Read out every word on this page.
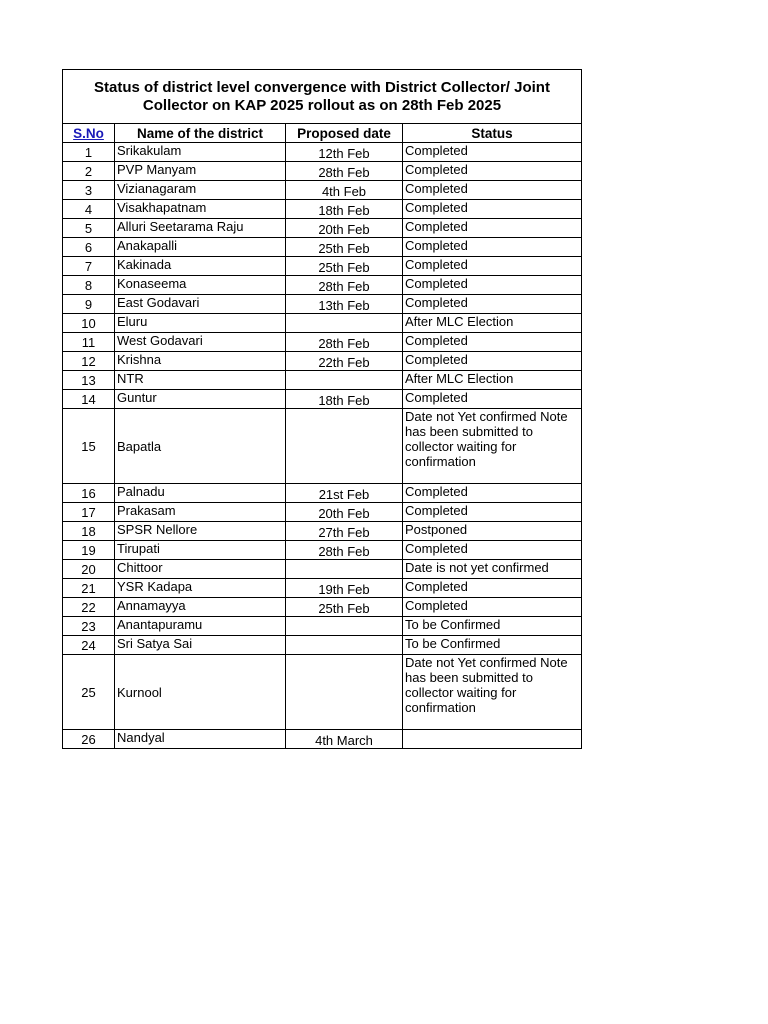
Status of district level convergence with District Collector/ Joint Collector on KAP 2025 rollout as on 28th Feb 2025			
S.No	Name of the district	Proposed date	Status
1	Srikakulam	12th Feb	Completed
2	PVP Manyam	28th Feb	Completed
3	Vizianagaram	4th Feb	Completed
4	Visakhapatnam	18th Feb	Completed
5	Alluri Seetarama Raju	20th Feb	Completed
6	Anakapalli	25th Feb	Completed
7	Kakinada	25th Feb	Completed
8	Konaseema	28th Feb	Completed
9	East Godavari	13th Feb	Completed
10	Eluru		After MLC Election
11	West Godavari	28th Feb	Completed
12	Krishna	22th Feb	Completed
13	NTR		After MLC Election
14	Guntur	18th Feb	Completed
15	Bapatla		Date not Yet confirmed Note has been submitted to collector waiting for confirmation
16	Palnadu	21st Feb	Completed
17	Prakasam	20th Feb	Completed
18	SPSR Nellore	27th Feb	Postponed
19	Tirupati	28th Feb	Completed
20	Chittoor		Date is not yet confirmed
21	YSR Kadapa	19th Feb	Completed
22	Annamayya	25th Feb	Completed
23	Anantapuramu		To be Confirmed
24	Sri Satya Sai		To be Confirmed
25	Kurnool		Date not Yet confirmed Note has been submitted to collector waiting for confirmation
26	Nandyal	4th March	
